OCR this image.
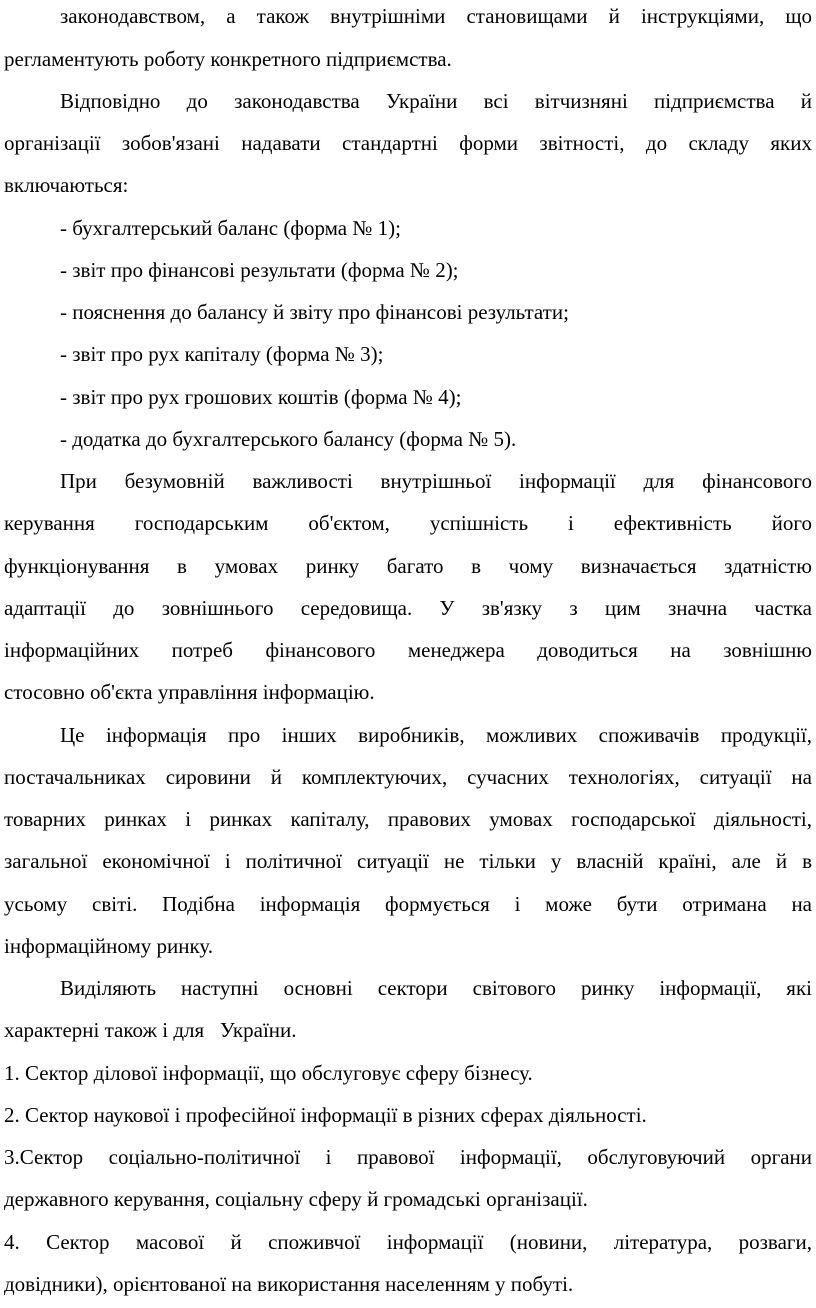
законодавством, а також внутрішніми становищами й інструкціями, що
регламентують роботу конкретного підприємства.
Відповідно до законодавства України всі вітчизняні підприємства й
організації зобов'язані надавати стандартні форми звітності, до складу яких
включаються:
- бухгалтерський баланс (форма № 1);
- звіт про фінансові результати (форма № 2);
- пояснення до балансу й звіту про фінансові результати;
- звіт про рух капіталу (форма № 3);
- звіт про рух грошових коштів (форма № 4);
- додатка до бухгалтерського балансу (форма № 5).
При безумовній важливості внутрішньої інформації для фінансового
керування господарським об'єктом, успішність і ефективність його
функціонування в умовах ринку багато в чому визначається здатністю
адаптації до зовнішнього середовища. У зв'язку з цим значна частка
інформаційних потреб фінансового менеджера доводиться на зовнішню
стосовно об'єкта управління інформацію.
Це інформація про інших виробників, можливих споживачів продукції,
постачальниках сировини й комплектуючих, сучасних технологіях, ситуації на
товарних ринках і ринках капіталу, правових умовах господарської діяльності,
загальної економічної і політичної ситуації не тільки у власній країні, але й в
усьому світі. Подібна інформація формується і може бути отримана на
інформаційному ринку.
Виділяють наступні основні сектори світового ринку інформації, які
характерні також і для   України.
1. Сектор ділової інформації, що обслуговує сферу бізнесу.
2. Сектор наукової і професійної інформації в різних сферах діяльності.
3.Сектор соціально-політичної і правової інформації, обслуговуючий органи
державного керування, соціальну сферу й громадські організації.
4. Сектор масової й споживчої інформації (новини, література, розваги,
довідники), орієнтованої на використання населенням у побуті.
